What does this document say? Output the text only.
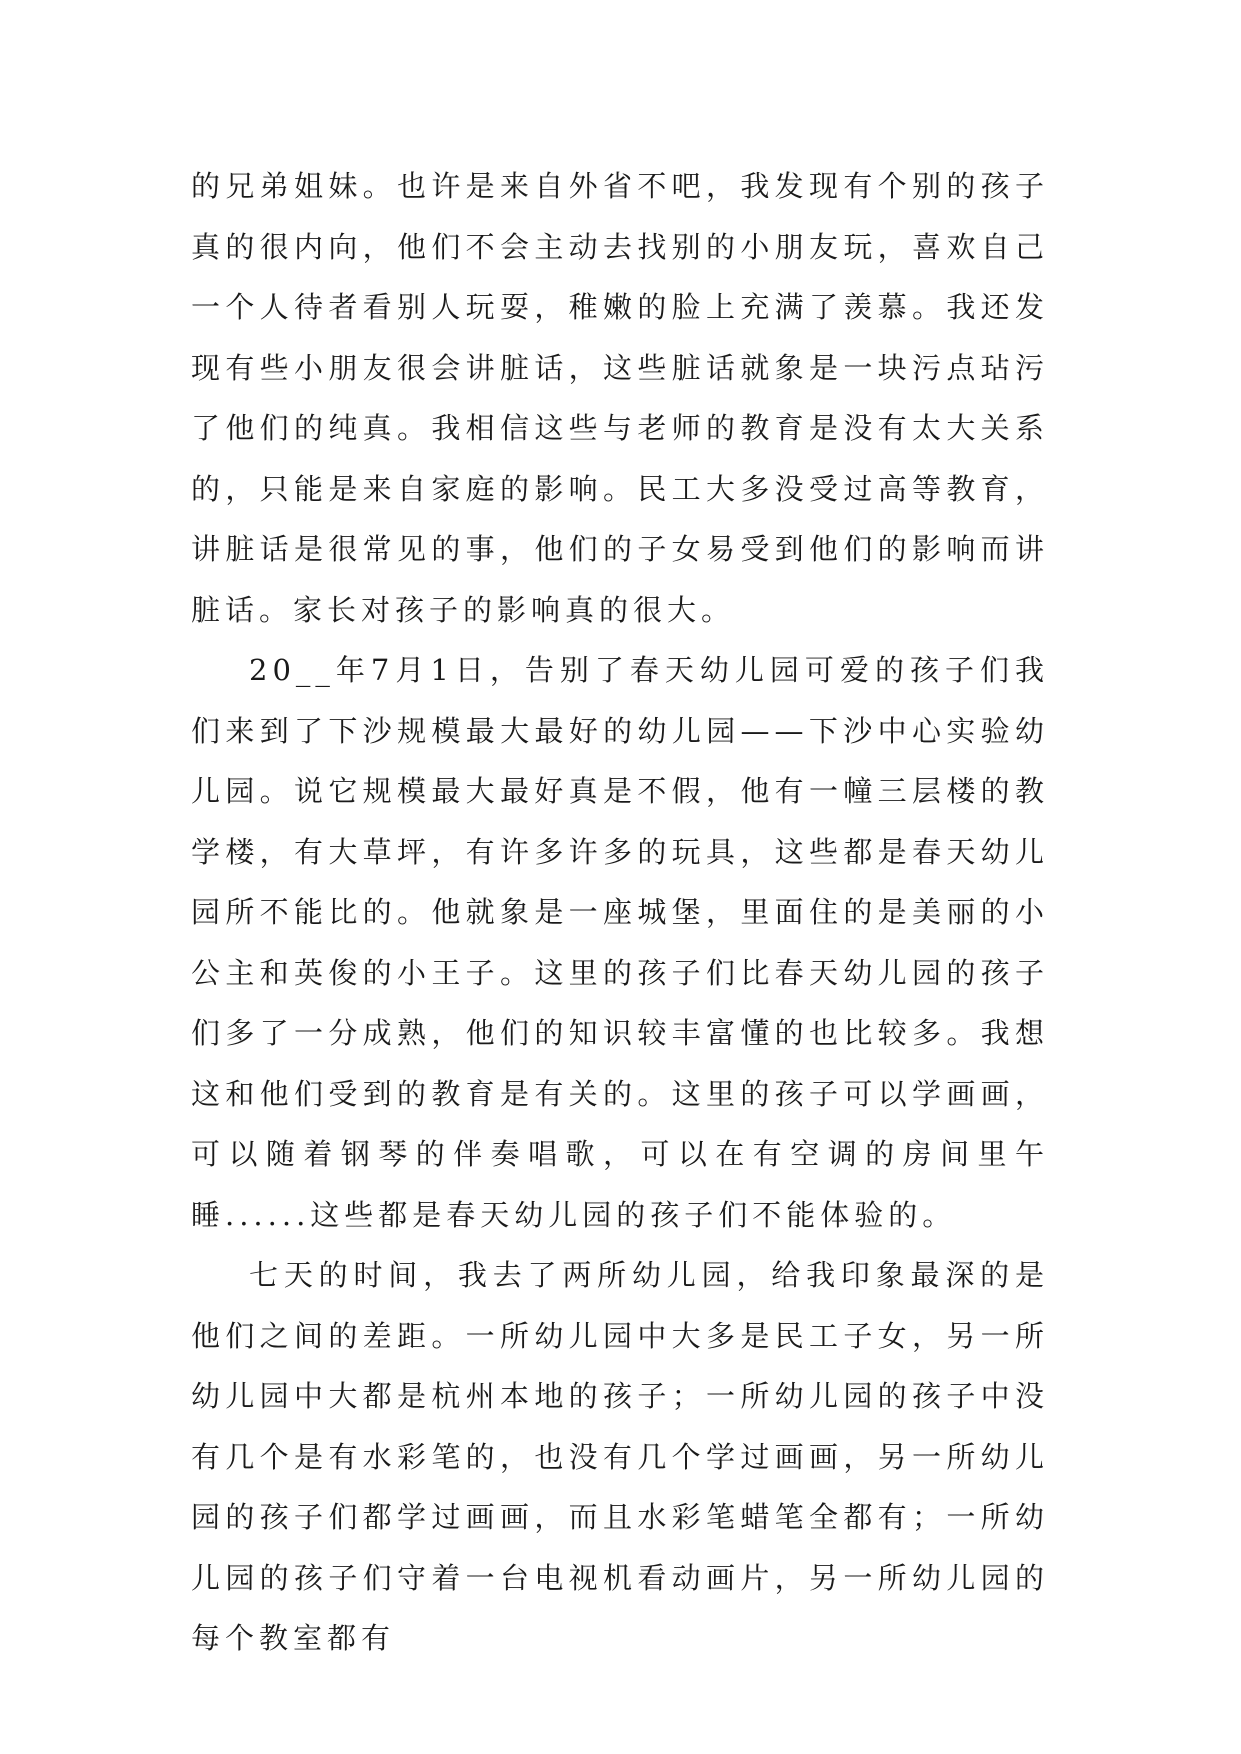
的兄弟姐妹。也许是来自外省不吧，我发现有个别的孩子真的很内向，他们不会主动去找别的小朋友玩，喜欢自己一个人待者看别人玩耍，稚嫩的脸上充满了羡慕。我还发现有些小朋友很会讲脏话，这些脏话就象是一块污点玷污了他们的纯真。我相信这些与老师的教育是没有太大关系的，只能是来自家庭的影响。民工大多没受过高等教育，讲脏话是很常见的事，他们的子女易受到他们的影响而讲脏话。家长对孩子的影响真的很大。

20__年7月1日，告别了春天幼儿园可爱的孩子们我们来到了下沙规模最大最好的幼儿园——下沙中心实验幼儿园。说它规模最大最好真是不假，他有一幢三层楼的教学楼，有大草坪，有许多许多的玩具，这些都是春天幼儿园所不能比的。他就象是一座城堡，里面住的是美丽的小公主和英俊的小王子。这里的孩子们比春天幼儿园的孩子们多了一分成熟，他们的知识较丰富懂的也比较多。我想这和他们受到的教育是有关的。这里的孩子可以学画画，可以随着钢琴的伴奏唱歌，可以在有空调的房间里午睡......这些都是春天幼儿园的孩子们不能体验的。

七天的时间，我去了两所幼儿园，给我印象最深的是他们之间的差距。一所幼儿园中大多是民工子女，另一所幼儿园中大都是杭州本地的孩子；一所幼儿园的孩子中没有几个是有水彩笔的，也没有几个学过画画，另一所幼儿园的孩子们都学过画画，而且水彩笔蜡笔全都有；一所幼儿园的孩子们守着一台电视机看动画片，另一所幼儿园的每个教室都有
